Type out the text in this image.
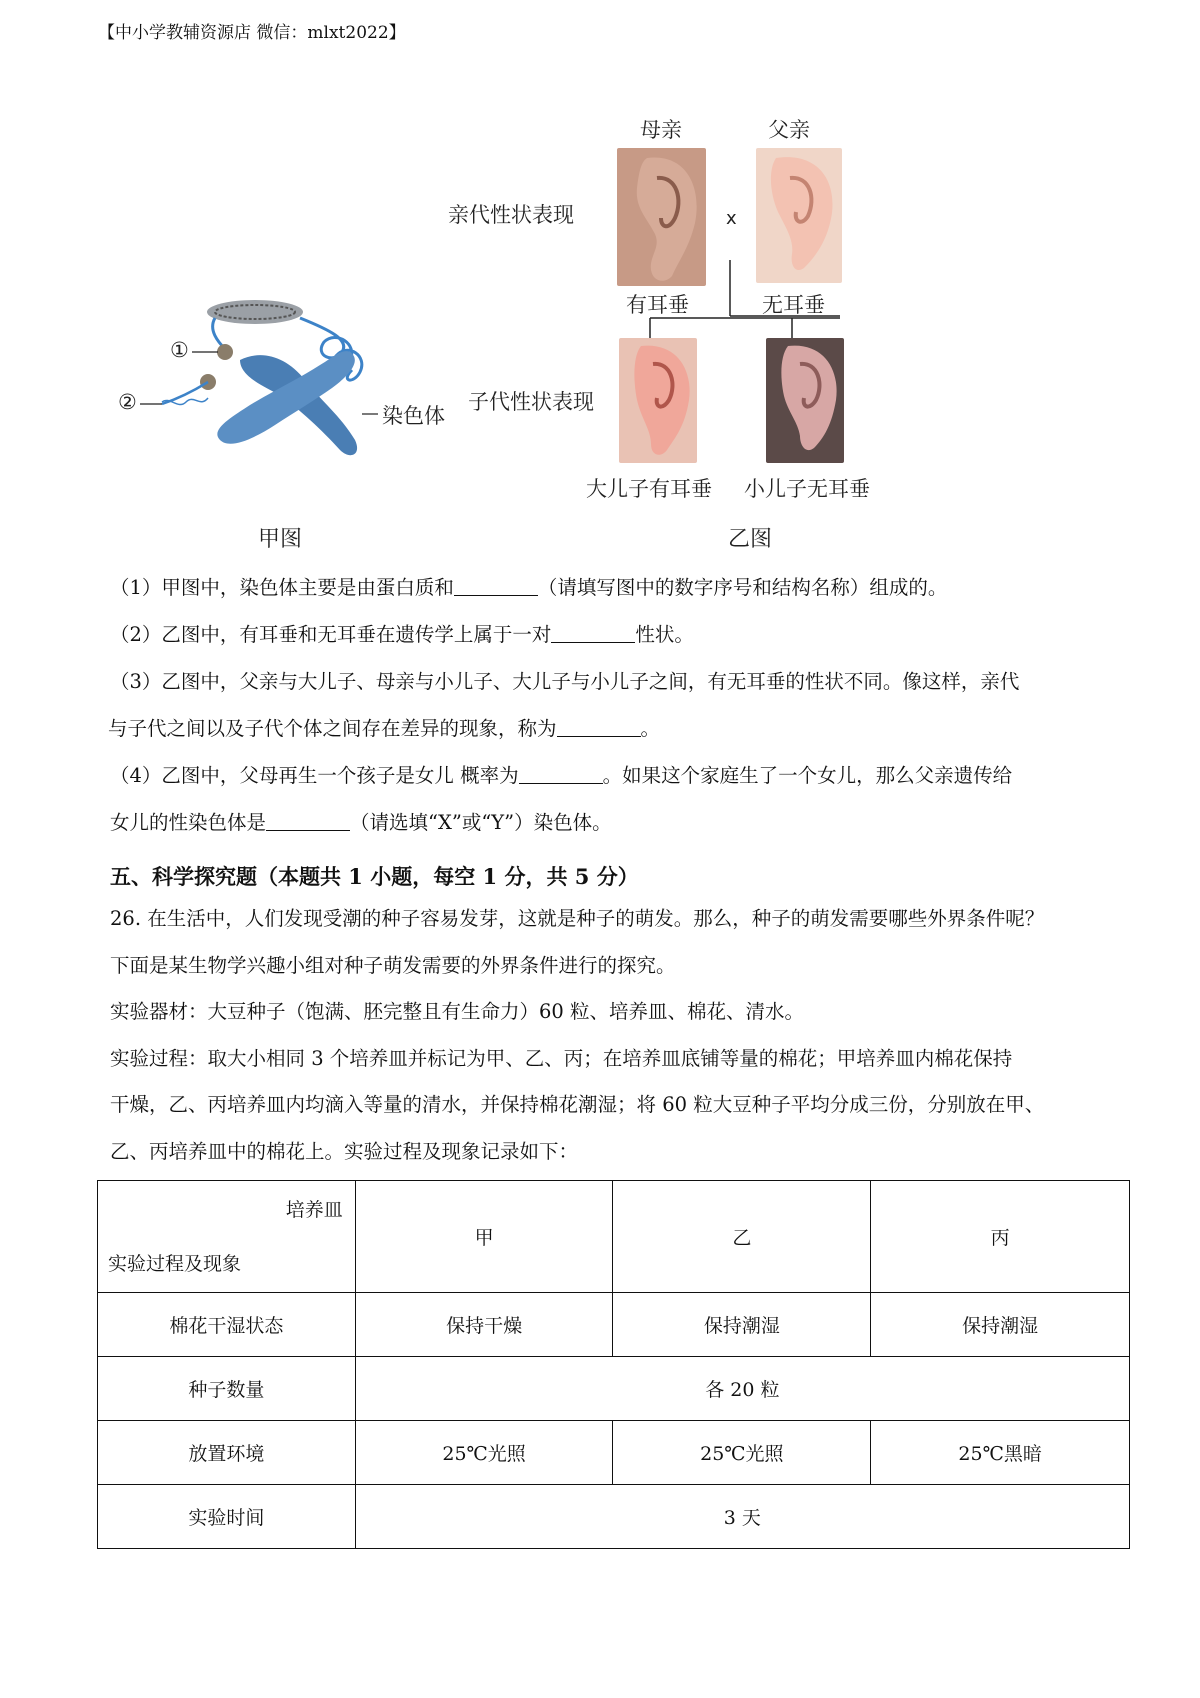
【中小学教辅资源店 微信：mlxt2022】
①
②
染色体
甲图
母亲	父亲
亲代性状表现	x
有耳垂	无耳垂
子代性状表现
大儿子有耳垂 小儿子无耳垂
乙图

（1）甲图中，染色体主要是由蛋白质和	（请填写图中的数字序号和结构名称）组成的。

（2）乙图中，有耳垂和无耳垂在遗传学上属于一对	性状。

（3）乙图中，父亲与大儿子、母亲与小儿子、大儿子与小儿子之间，有无耳垂的性状不同。像这样，亲代

与子代之间以及子代个体之间存在差异的现象，称为	。

（4）乙图中，父母再生一个孩子是女儿 概率为	。如果这个家庭生了一个女儿，那么父亲遗传给

女儿的性染色体是	（请选填“X”或“Y”）染色体。

五、科学探究题（本题共 1 小题，每空 1 分，共 5 分）

26. 在生活中，人们发现受潮的种子容易发芽，这就是种子的萌发。那么，种子的萌发需要哪些外界条件呢？

下面是某生物学兴趣小组对种子萌发需要的外界条件进行的探究。

实验器材：大豆种子（饱满、胚完整且有生命力）60 粒、培养皿、棉花、清水。

实验过程：取大小相同 3 个培养皿并标记为甲、乙、丙；在培养皿底铺等量的棉花；甲培养皿内棉花保持

干燥，乙、丙培养皿内均滴入等量的清水，并保持棉花潮湿；将 60 粒大豆种子平均分成三份，分别放在甲、

乙、丙培养皿中的棉花上。实验过程及现象记录如下：

培养皿
实验过程及现象	甲	乙	丙
棉花干湿状态	保持干燥	保持潮湿	保持潮湿
种子数量	各 20 粒		
放置环境	25℃光照	25℃光照	25℃黑暗
实验时间	3 天		
